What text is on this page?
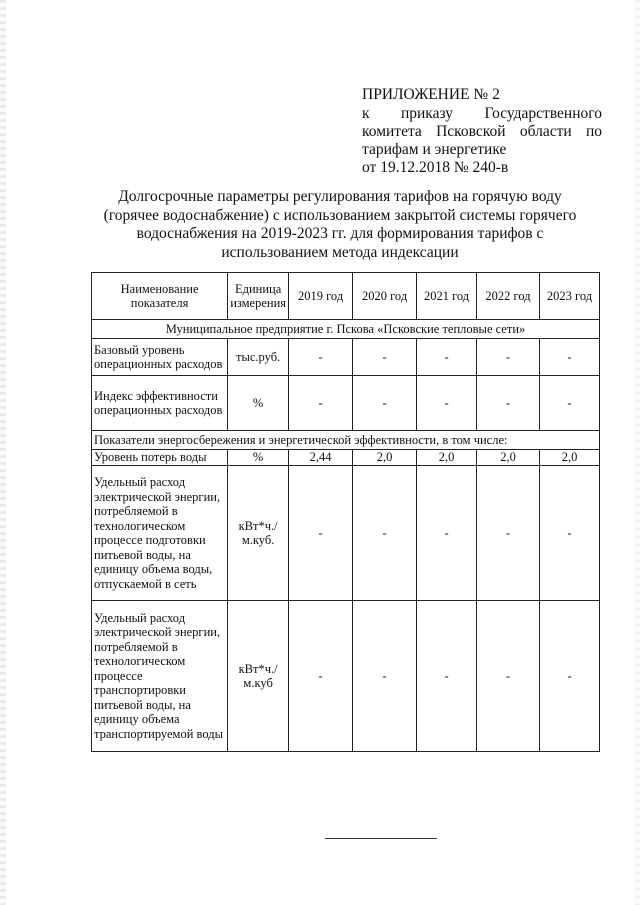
ПРИЛОЖЕНИЕ № 2
к приказу Государственного
комитета Псковской области по
тарифам и энергетике
от 19.12.2018 № 240-в
Долгосрочные параметры регулирования тарифов на горячую воду
(горячее водоснабжение) с использованием закрытой системы горячего
водоснабжения на 2019-2023 гг. для формирования тарифов с
использованием метода индексации
Наименование показателя	Единица измерения	2019 год	2020 год	2021 год	2022 год	2023 год
Муниципальное предприятие г. Пскова «Псковские тепловые сети»						
Базовый уровень операционных расходов	тыс.руб.	-	-	-	-	-
Индекс эффективности операционных расходов	%	-	-	-	-	-
Показатели энергосбережения и энергетической эффективности, в том числе:						
Уровень потерь воды	%	2,44	2,0	2,0	2,0	2,0
Удельный расход электрической энергии, потребляемой в технологическом процессе подготовки питьевой воды, на единицу объема воды, отпускаемой в сеть	кВт*ч./м.куб.	-	-	-	-	-
Удельный расход электрической энергии, потребляемой в технологическом процессе транспортировки питьевой воды, на единицу объема транспортируемой воды	кВт*ч./м.куб	-	-	-	-	-
